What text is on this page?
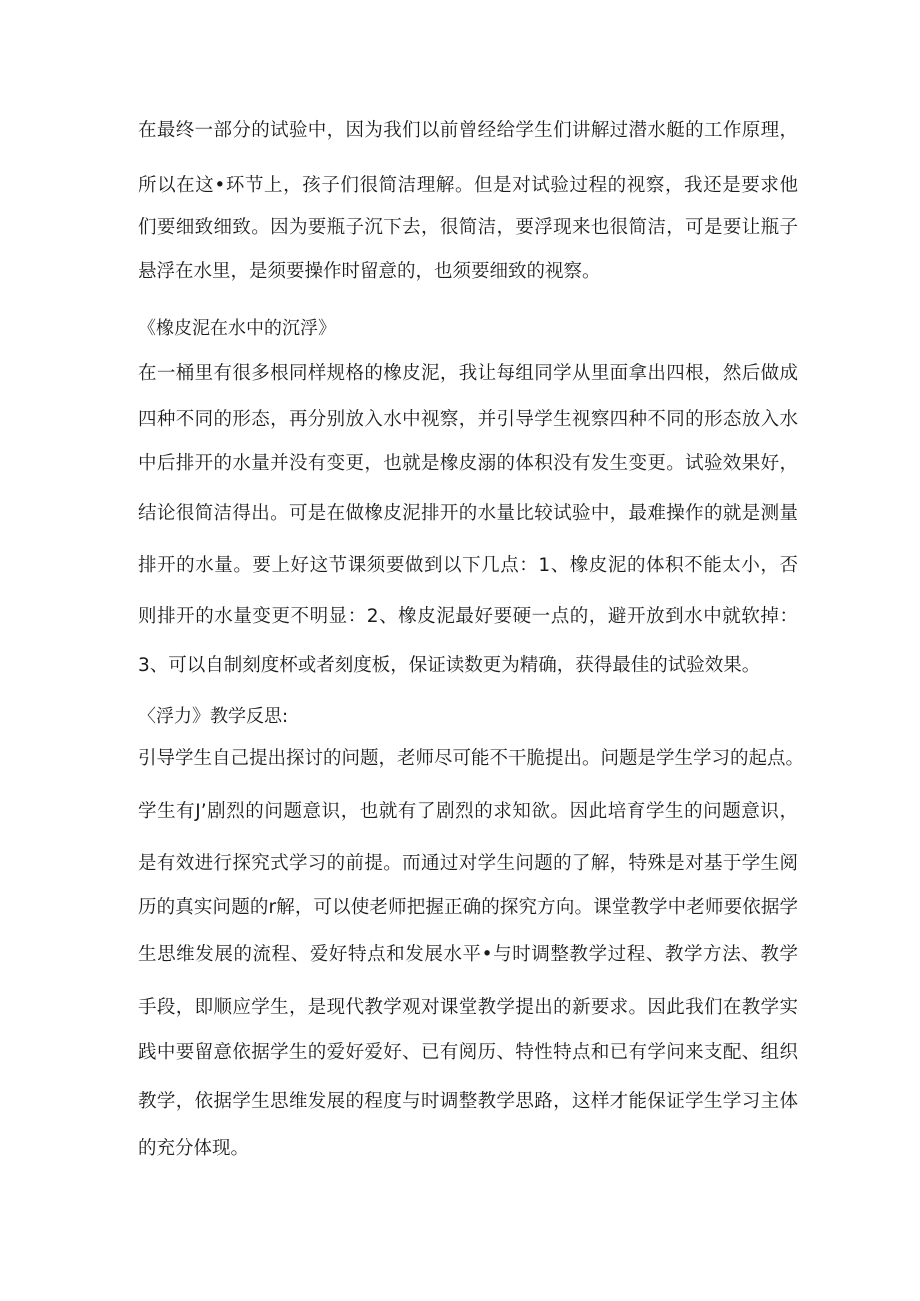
在最终一部分的试验中，因为我们以前曾经给学生们讲解过潜水艇的工作原理，
所以在这•环节上，孩子们很简洁理解。但是对试验过程的视察，我还是要求他
们要细致细致。因为要瓶子沉下去，很简洁，要浮现来也很简洁，可是要让瓶子
悬浮在水里，是须要操作时留意的，也须要细致的视察。
《橡皮泥在水中的沉浮》
在一桶里有很多根同样规格的橡皮泥，我让每组同学从里面拿出四根，然后做成
四种不同的形态，再分别放入水中视察，并引导学生视察四种不同的形态放入水
中后排开的水量并没有变更，也就是橡皮溺的体积没有发生变更。试验效果好，
结论很简洁得出。可是在做橡皮泥排开的水量比较试验中，最难操作的就是测量
排开的水量。要上好这节课须要做到以下几点：1、橡皮泥的体积不能太小，否
则排开的水量变更不明显：2、橡皮泥最好要硬一点的，避开放到水中就软掉：
3、可以自制刻度杯或者刻度板，保证读数更为精确，获得最佳的试验效果。
〈浮力》教学反思:
引导学生自己提出探讨的问题，老师尽可能不干脆提出。问题是学生学习的起点。
学生有J’剧烈的问题意识，也就有了剧烈的求知欲。因此培育学生的问题意识，
是有效进行探究式学习的前提。而通过对学生问题的了解，特殊是对基于学生阅
历的真实问题的r解，可以使老师把握正确的探究方向。课堂教学中老师要依据学
生思维发展的流程、爱好特点和发展水平•与时调整教学过程、教学方法、教学
手段，即顺应学生，是现代教学观对课堂教学提出的新要求。因此我们在教学实
践中要留意依据学生的爱好爱好、已有阅历、特性特点和已有学问来支配、组织
教学，依据学生思维发展的程度与时调整教学思路，这样才能保证学生学习主体
的充分体现。
